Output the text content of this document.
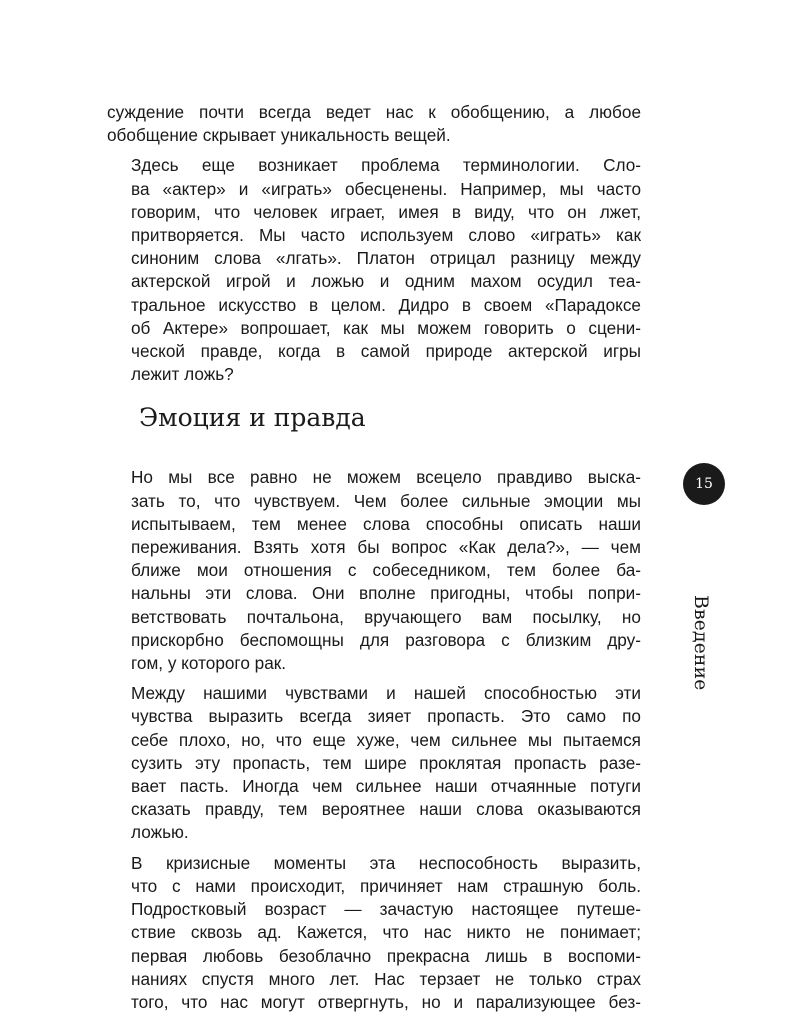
суждение почти всегда ведет нас к обобщению, а любое
обобщение скрывает уникальность вещей.

Здесь еще возникает проблема терминологии. Сло-
ва «актер» и «играть» обесценены. Например, мы часто
говорим, что человек играет, имея в виду, что он лжет,
притворяется. Мы часто используем слово «играть» как
синоним слова «лгать». Платон отрицал разницу между
актерской игрой и ложью и одним махом осудил теа-
тральное искусство в целом. Дидро в своем «Парадоксе
об Актере» вопрошает, как мы можем говорить о сцени-
ческой правде, когда в самой природе актерской игры
лежит ложь?

Эмоция и правда

Но мы все равно не можем всецело правдиво выска-
зать то, что чувствуем. Чем более сильные эмоции мы
испытываем, тем менее слова способны описать наши
переживания. Взять хотя бы вопрос «Как дела?», — чем
ближе мои отношения с собеседником, тем более ба-
нальны эти слова. Они вполне пригодны, чтобы попри-
ветствовать почтальона, вручающего вам посылку, но
прискорбно беспомощны для разговора с близким дру-
гом, у которого рак.

Между нашими чувствами и нашей способностью эти
чувства выразить всегда зияет пропасть. Это само по
себе плохо, но, что еще хуже, чем сильнее мы пытаемся
сузить эту пропасть, тем шире проклятая пропасть разе-
вает пасть. Иногда чем сильнее наши отчаянные потуги
сказать правду, тем вероятнее наши слова оказываются
ложью.

В кризисные моменты эта неспособность выразить,
что с нами происходит, причиняет нам страшную боль.
Подростковый возраст — зачастую настоящее путеше-
ствие сквозь ад. Кажется, что нас никто не понимает;
первая любовь безоблачно прекрасна лишь в воспоми-
наниях спустя много лет. Нас терзает не только страх
того, что нас могут отвергнуть, но и парализующее без-

15
Введение
